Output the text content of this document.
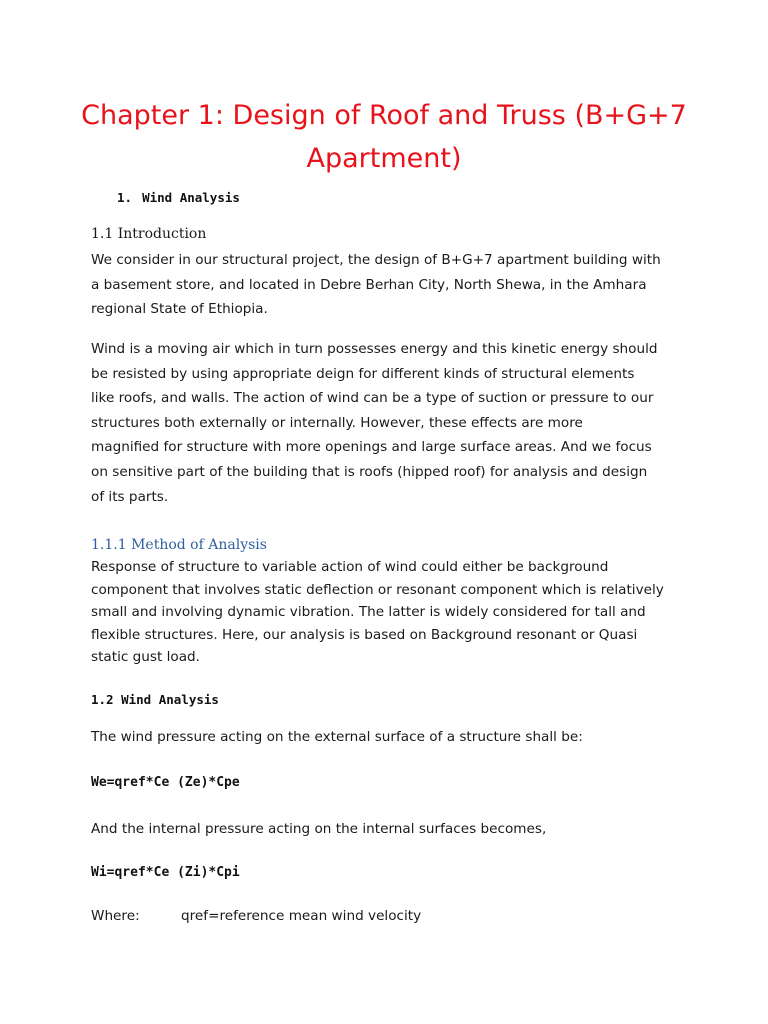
Chapter 1: Design of Roof and Truss (B+G+7
Apartment)
1. Wind Analysis
1.1 Introduction

We consider in our structural project, the design of B+G+7 apartment building with
a basement store, and located in Debre Berhan City, North Shewa, in the Amhara
regional State of Ethiopia.

Wind is a moving air which in turn possesses energy and this kinetic energy should
be resisted by using appropriate deign for different kinds of structural elements
like roofs, and walls. The action of wind can be a type of suction or pressure to our
structures both externally or internally. However, these effects are more
magnified for structure with more openings and large surface areas. And we focus
on sensitive part of the building that is roofs (hipped roof) for analysis and design
of its parts.

1.1.1 Method of Analysis

Response of structure to variable action of wind could either be background
component that involves static deflection or resonant component which is relatively
small and involving dynamic vibration. The latter is widely considered for tall and
flexible structures. Here, our analysis is based on Background resonant or Quasi
static gust load.

1.2 Wind Analysis

The wind pressure acting on the external surface of a structure shall be:

We=qref*Ce (Ze)*Cpe

And the internal pressure acting on the internal surfaces becomes,

Wi=qref*Ce (Zi)*Cpi
Where:	qref=reference mean wind velocity
